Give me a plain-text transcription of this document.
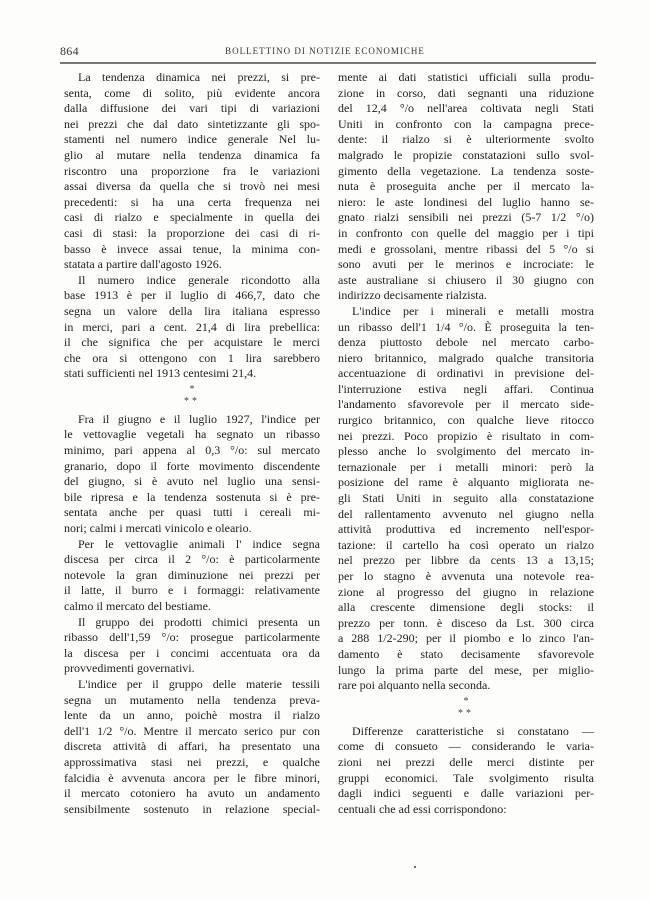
864	BOLLETTINO DI NOTIZIE ECONOMICHE
La tendenza dinamica nei prezzi, si pre-
senta, come di solito, più evidente ancora
dalla diffusione dei vari tipi di variazioni
nei prezzi che dal dato sintetizzante gli spo-
stamenti nel numero indice generale Nel lu-
glio al mutare nella tendenza dinamica fa
riscontro una proporzione fra le variazioni
assai diversa da quella che si trovò nei mesi
precedenti: si ha una certa frequenza nei
casi di rialzo e specialmente in quella dei
casi di stasi: la proporzione dei casi di ri-
basso è invece assai tenue, la minima con-
statata a partire dall'agosto 1926.
Il numero indice generale ricondotto alla
base 1913 è per il luglio di 466,7, dato che
segna un valore della lira italiana espresso
in merci, pari a cent. 21,4 di lira prebellica:
il che significa che per acquistare le merci
che ora si ottengono con 1 lira sarebbero
stati sufficienti nel 1913 centesimi 21,4.
*
**
Fra il giugno e il luglio 1927, l'indice per
le vettovaglie vegetali ha segnato un ribasso
minimo, pari appena al 0,3 °/o: sul mercato
granario, dopo il forte movimento discendente
del giugno, si è avuto nel luglio una sensi-
bile ripresa e la tendenza sostenuta si è pre-
sentata anche per quasi tutti i cereali mi-
nori; calmi i mercati vinicolo e oleario.
Per le vettovaglie animali l' indice segna
discesa per circa il 2 °/o: è particolarmente
notevole la gran diminuzione nei prezzi per
il latte, il burro e i formaggi: relativamente
calmo il mercato del bestiame.
Il gruppo dei prodotti chimici presenta un
ribasso dell'1,59 °/o: prosegue particolarmente
la discesa per i concimi accentuata ora da
provvedimenti governativi.
L'indice per il gruppo delle materie tessili
segna un mutamento nella tendenza preva-
lente da un anno, poichè mostra il rialzo
dell'1 1/2 °/o. Mentre il mercato serico pur con
discreta attività di affari, ha presentato una
approssimativa stasi nei prezzi, e qualche
falcidia è avvenuta ancora per le fibre minori,
il mercato cotoniero ha avuto un andamento
sensibilmente sostenuto in relazione special-
mente ai dati statistici ufficiali sulla produ-
zione in corso, dati segnanti una riduzione
del 12,4 °/o nell'area coltivata negli Stati
Uniti in confronto con la campagna prece-
dente: il rialzo si è ulteriormente svolto
malgrado le propizie constatazioni sullo svol-
gimento della vegetazione. La tendenza soste-
nuta è proseguita anche per il mercato la-
niero: le aste londinesi del luglio hanno se-
gnato rialzi sensibili nei prezzi (5-7 1/2 °/o)
in confronto con quelle del maggio per i tipi
medi e grossolani, mentre ribassi del 5 °/o si
sono avuti per le merinos e incrociate: le
aste australiane si chiusero il 30 giugno con
indirizzo decisamente rialzista.
L'indice per i minerali e metalli mostra
un ribasso dell'1 1/4 °/o. È proseguita la ten-
denza piuttosto debole nel mercato carbo-
niero britannico, malgrado qualche transitoria
accentuazione di ordinativi in previsione del-
l'interruzione estiva negli affari. Continua
l'andamento sfavorevole per il mercato side-
rurgico britannico, con qualche lieve ritocco
nei prezzi. Poco propizio è risultato in com-
plesso anche lo svolgimento del mercato in-
ternazionale per i metalli minori: però la
posizione del rame è alquanto migliorata ne-
gli Stati Uniti in seguito alla constatazione
del rallentamento avvenuto nel giugno nella
attività produttiva ed incremento nell'espor-
tazione: il cartello ha così operato un rialzo
nel prezzo per libbre da cents 13 a 13,15;
per lo stagno è avvenuta una notevole rea-
zione al progresso del giugno in relazione
alla crescente dimensione degli stocks: il
prezzo per tonn. è disceso da Lst. 300 circa
a 288 1/2-290; per il piombo e lo zinco l'an-
damento è stato decisamente sfavorevole
lungo la prima parte del mese, per miglio-
rare poi alquanto nella seconda.
*
**
Differenze caratteristiche si constatano —
come di consueto — considerando le varia-
zioni nei prezzi delle merci distinte per
gruppi economici. Tale svolgimento risulta
dagli indici seguenti e dalle variazioni per-
centuali che ad essi corrispondono:
